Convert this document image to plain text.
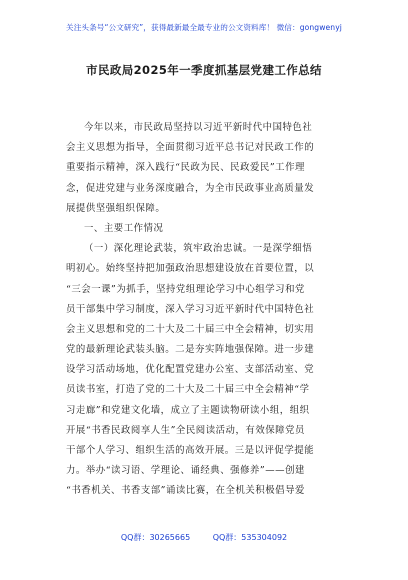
关注头条号“公文研究”，获得最新最全最专业的公文资料库！ 微信：gongwenyj
市民政局2025年一季度抓基层党建工作总结
今年以来，市民政局坚持以习近平新时代中国特色社
会主义思想为指导，全面贯彻习近平总书记对民政工作的
重要指示精神，深入践行“民政为民、民政爱民”工作理
念，促进党建与业务深度融合，为全市民政事业高质量发
展提供坚强组织保障。
一、主要工作情况
（一）深化理论武装，筑牢政治忠诚。一是深学细悟
明初心。始终坚持把加强政治思想建设放在首要位置，以
“三会一课”为抓手，坚持党组理论学习中心组学习和党
员干部集中学习制度，深入学习习近平新时代中国特色社
会主义思想和党的二十大及二十届三中全会精神，切实用
党的最新理论武装头脑。二是夯实阵地强保障。进一步建
设学习活动场地，优化配置党建办公室、支部活动室、党
员读书室，打造了党的二十大及二十届三中全会精神“学
习走廊”和党建文化墙，成立了主题读物研读小组，组织
开展“书香民政阅享人生”全民阅读活动，有效保障党员
干部个人学习、组织生活的高效开展。三是以评促学提能
力。举办“读习语、学理论、诵经典、强修养”——创建
“书香机关、书香支部”诵读比赛，在全机关积极倡导爱
QQ群：30265665	QQ群：535304092
